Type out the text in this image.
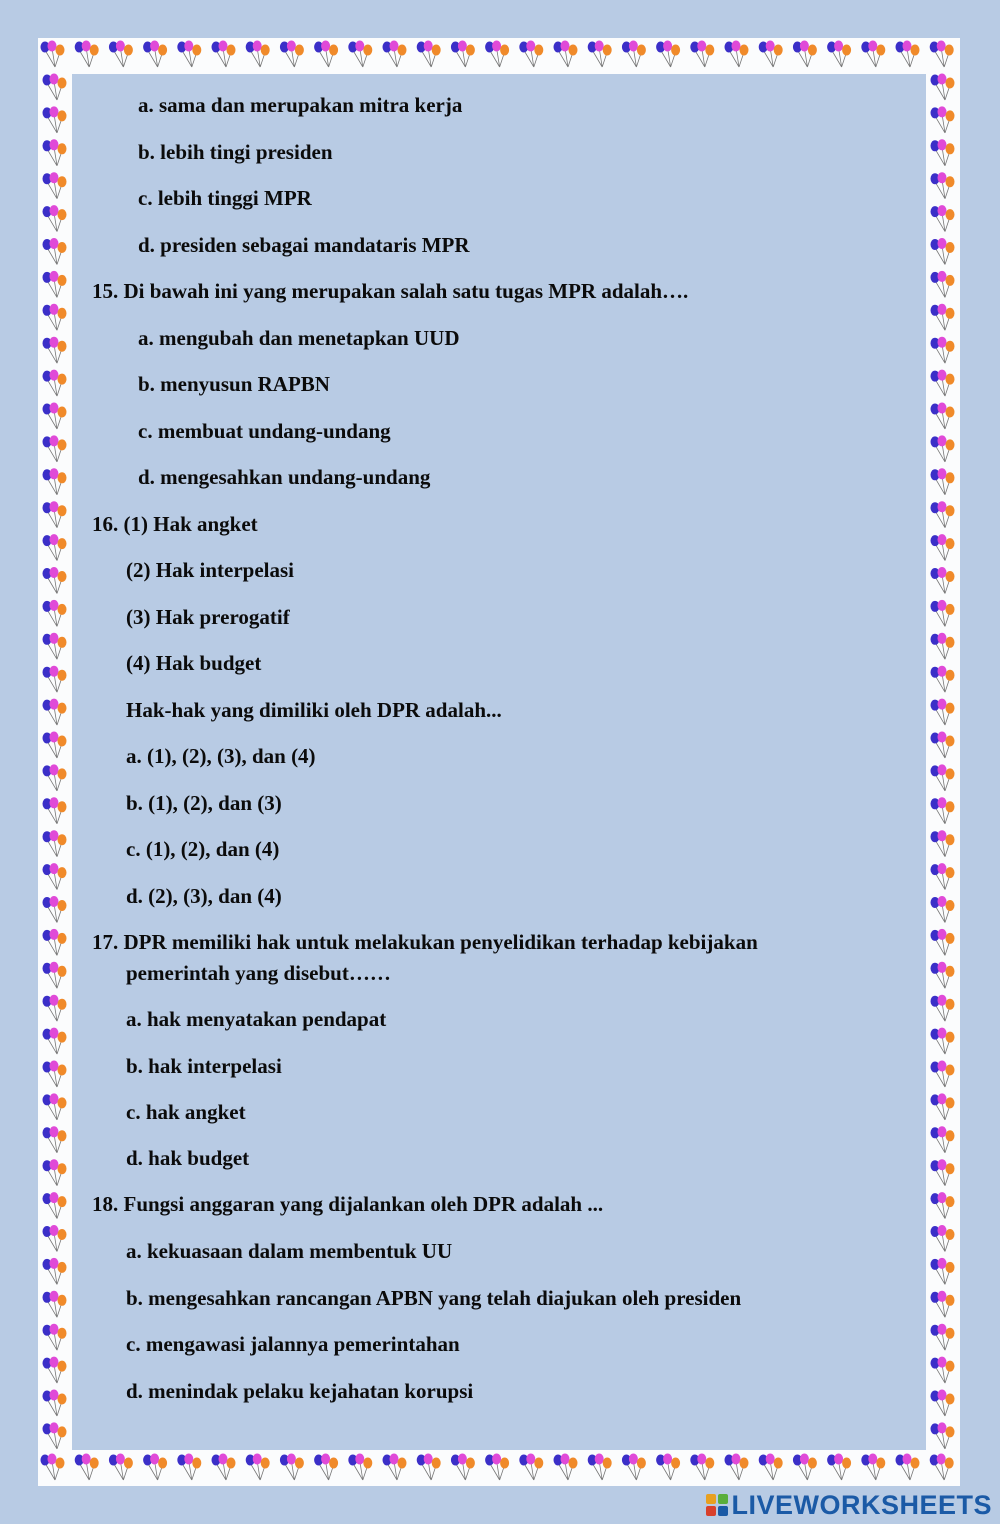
a. sama dan merupakan mitra kerja
b. lebih tingi presiden
c. lebih tinggi MPR
d. presiden sebagai mandataris MPR
15. Di bawah ini yang merupakan salah satu tugas MPR adalah….
a. mengubah dan menetapkan UUD
b. menyusun RAPBN
c. membuat undang-undang
d. mengesahkan undang-undang
16. (1) Hak angket
(2) Hak interpelasi
(3) Hak prerogatif
(4) Hak budget
Hak-hak yang dimiliki oleh DPR adalah...
a. (1), (2), (3), dan (4)
b. (1), (2), dan (3)
c. (1), (2), dan (4)
d. (2), (3), dan (4)
17. DPR memiliki hak untuk melakukan penyelidikan terhadap kebijakan
pemerintah yang disebut……
a. hak menyatakan pendapat
b. hak interpelasi
c. hak angket
d. hak budget
18. Fungsi anggaran yang dijalankan oleh DPR adalah ...
a. kekuasaan dalam membentuk UU
b. mengesahkan rancangan APBN yang telah diajukan oleh presiden
c. mengawasi jalannya pemerintahan
d. menindak pelaku kejahatan korupsi
LIVEWORKSHEETS
